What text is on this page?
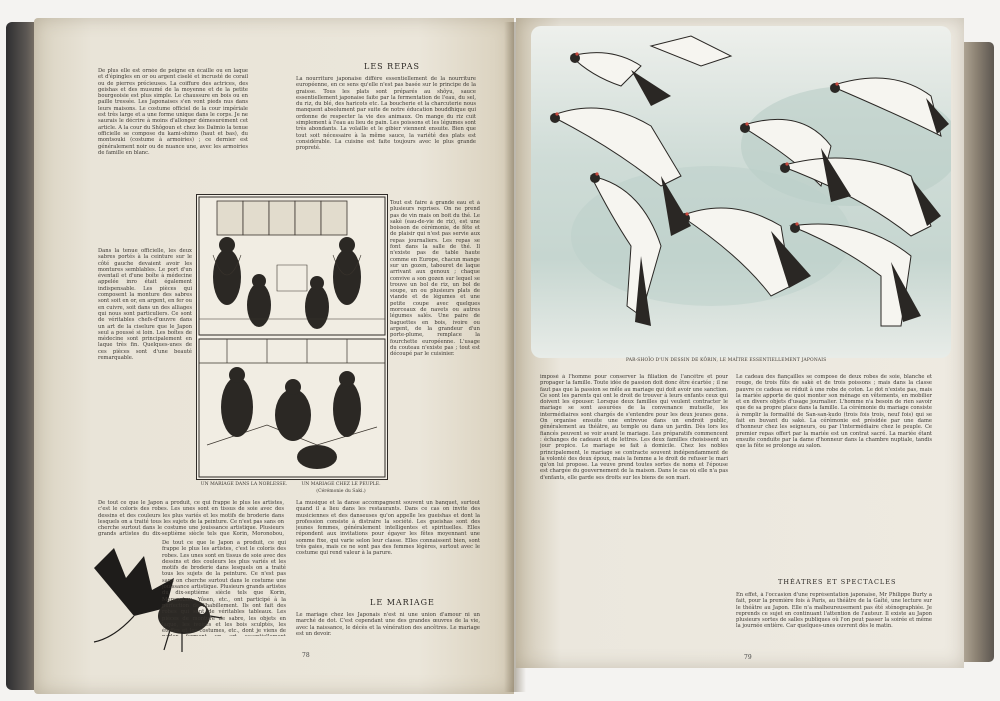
De plus elle est ornée de peigne en écaille ou en laque et d'épingles en or ou argent ciselé et incrusté de corail ou de pierres précieuses. La coiffure des actrices, des geishas et des musumé de la moyenne et de la petite bourgeoisie est plus simple. Le chaussure en bois ou en paille tressée. Les Japonaises s'en vont pieds nus dans leurs maisons. Le costume officiel de la cour impériale est très large et a une forme unique dans le corps. Je ne saurais le décrire à moins d'allonger démesurément cet article. A la cour du Shôgoun et chez les Daïmio la tenue officielle se compose du kami-shimo (haut et bas), du montsouki (costume à armoiries) ; ce dernier est généralement noir ou de nuance une, avec les armoiries de famille en blanc.
LES REPAS
La nourriture japonaise diffère essentiellement de la nourriture européenne, en ce sens qu'elle n'est pas basée sur le principe de la graisse. Tous les plats sont préparés au shôyu, sauce essentiellement japonaise faite par la fermentation de l'eau, du sel, du riz, du blé, des haricots etc. La boucherie et la charcuterie nous manquent absolument par suite de notre éducation bouddhique qui ordonne de respecter la vie des animaux. On mange du riz cuit simplement à l'eau au lieu de pain. Les poissons et les légumes sont très abondants. La volaille et le gibier viennent ensuite. Bien que tout soit nécessaire à la même sauce, la variété des plats est considérable. La cuisine est faite toujours avec le plus grande propreté.
UN MARIAGE DANS LA NOBLESSE.	UN MARIAGE CHEZ LE PEUPLE.
(Cérémonie du Saki.)
Dans la tenue officielle, les deux sabres portés à la ceinture sur le côté gauche devaient avoir les montures semblables. Le port d'un éventail et d'une boîte à médecine appelée inro était également indispensable. Les pièces qui composent la monture des sabres sont soit en or, en argent, en fer ou en cuivre, soit dans un des alliages qui nous sont particuliers. Ce sont de véritables chefs-d'œuvre dans un art de la ciselure que le Japon seul a poussé si loin. Les boîtes de médecine sont principalement en laque très fin. Quelques-unes de ces pièces sont d'une beauté remarquable.
Tout est faire à grande eau et à plusieurs reprises. On ne prend pas de vin mais on boit du thé. Le sakè (eau-de-vie de riz), est une boisson de cérémonie, de fête et de plaisir qui n'est pas servie aux repas journaliers. Les repas se font dans la salle de thé. Il n'existe pas de table haute comme en Europe, chacun mange sur un gozen, tabouret de laque arrivant aux genoux ; chaque convive a son gozen sur lequel se trouve un bol de riz, un bol de soupe, un ou plusieurs plats de viande et de légumes et une petite coupe avec quelques morceaux de navets ou autres légumes salés. Une paire de baguettes en bois, ivoire ou argent, de la grandeur d'un porte-plume, remplace la fourchette européenne. L'usage du couteau n'existe pas ; tout est découpé par le cuisinier.
De tout ce que le Japon a produit, ce qui frappe le plus les artistes, c'est le coloris des robes. Les unes sont en tissus de soie avec des dessins et des couleurs les plus variés et les motifs de broderie dans lesquels on a traité tous les sujets de la peinture. Ce n'est pas sans on cherche surtout dans le costume une jouissance artistique. Plusieurs grands artistes du dix-septième siècle tels que Korin, Moronobou,
La musique et la danse accompagnent souvent un banquet, surtout quand il a lieu dans les restaurants. Dans ce cas on invite des musiciennes et des danseuses qu'on appelle les gueishas et dont la profession consiste à distraire la société. Les gueishas sont des jeunes femmes, généralement intelligentes et spirituelles. Elles répondent aux invitations pour égayer les fêtes moyennant une somme fixe, qui varie selon leur classe. Elles connaissent bien, sont très gaies, mais ce ne sont pas des femmes légères, surtout avec le costume qui rend valeur à la parure.
De tout ce que le Japon a produit, ce qui frappe le plus les artistes, c'est le coloris des robes. Les unes sont en tissus de soie avec des dessins et des couleurs les plus variés et les motifs de broderie dans lesquels on a traité tous les sujets de la peinture. Ce n'est pas sans on cherche surtout dans le costume une jouissance artistique. Plusieurs grands artistes du dix-septième siècle tels que Korin, Moronobou, Yôsen, etc., ont participé à la perfection de l'habillement. Ils ont fait des robes qui sont de véritables tableaux. Les pièces de monture de sabre, les objets en laque, les ivoires et les bois sculptés, les étoffes et les costumes, etc., dont je viens de
LE MARIAGE
Le mariage chez les Japonais n'est ni une union d'amour ni un marché de dot. C'est cependant une des grandes œuvres de la vie, avec la naissance, le décès et la vénération des ancêtres. Le mariage est un devoir.
78
PAR-SHOÏO D'UN DESSIN DE KÔRIN, LE MAÎTRE ESSENTIELLEMENT JAPONAIS
imposé à l'homme pour conserver la filiation de l'ancêtre et pour propager la famille. Toute idée de passion doit donc être écartée ; il ne faut pas que la passion se mêle au mariage qui doit avoir une sanction. Ce sont les parents qui ont le droit de trouver à leurs enfants ceux qui doivent les épouser. Lorsque deux familles qui veulent contracter le mariage se sont assurées de la convenance mutuelle, les intermédiaires sont chargés de s'entendre pour les deux jeunes gens. On organise ensuite une entrevue dans un endroit public, généralement au théâtre, au temple ou dans un jardin. Dès lors les fiancés peuvent se voir avant le mariage. Les préparatifs commencent : échanges de cadeaux et de lettres. Les deux familles choisissent un jour propice. Le mariage se fait à domicile. Chez les nobles principalement, le mariage se contracte souvent indépendamment de la volonté des deux époux, mais la femme a le droit de refuser le mari qu'on lui propose. La veuve prend toutes sortes de noms et l'épouse est chargée du gouvernement de la maison. Dans le cas où elle n'a pas d'enfants, elle garde ses droits sur les biens de son mari.
Le cadeau des fiançailles se compose de deux robes de soie, blanche et rouge, de trois fûts de sakè et de trois poissons ; mais dans la classe pauvre ce cadeau se réduit à une robe de coton. Le dot n'existe pas, mais la mariée apporte de quoi monter son ménage en vêtements, en mobilier et en divers objets d'usage journalier. L'homme n'a besoin de rien savoir que de sa propre place dans la famille. La cérémonie du mariage consiste à remplir la formalité de San-san-kudo (trois fois trois, neuf fois) qui se fait en buvant du sakè. La cérémonie est présidée par une dame d'honneur chez les seigneurs, ou par l'intermédiaire chez le peuple. Ce premier repas offert par la mariée est un contrat sacré. La mariée étant ensuite conduite par la dame d'honneur dans la chambre nuptiale, tandis que la fête se prolonge au salon.
THÉATRES ET SPECTACLES
En effet, à l'occasion d'une représentation japonaise, Mr Philippe Burty a fait, pour la première fois à Paris, au théâtre de la Gaîté, une lecture sur le théâtre au Japon. Elle n'a malheureusement pas été sténographiée. Je reprends ce sujet en continuant l'attention de l'auteur. Il existe au Japon plusieurs sortes de salles publiques où l'on peut passer la soirée et même la journée entière. Car quelques-unes ouvrent dès le matin.
79
